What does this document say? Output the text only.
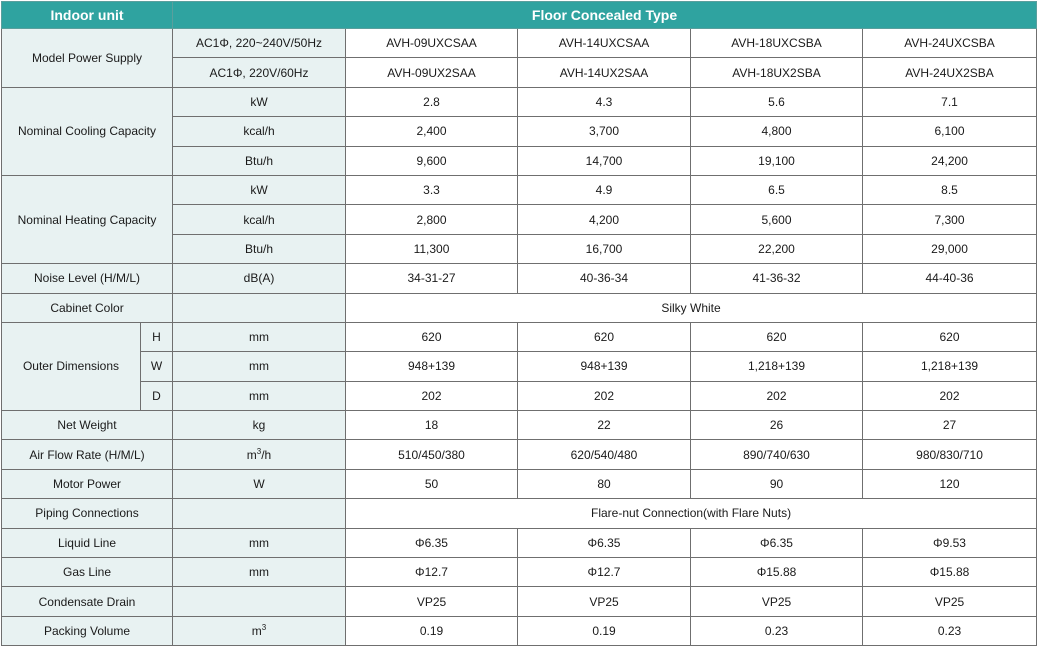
Indoor unit		Floor Concealed Type				
Model Power Supply		AC1Φ, 220~240V/50Hz	AVH-09UXCSAA	AVH-14UXCSAA	AVH-18UXCSBA	AVH-24UXCSBA
		AC1Φ, 220V/60Hz	AVH-09UX2SAA	AVH-14UX2SAA	AVH-18UX2SBA	AVH-24UX2SBA
Nominal Cooling Capacity		kW	2.8	4.3	5.6	7.1
		kcal/h	2,400	3,700	4,800	6,100
		Btu/h	9,600	14,700	19,100	24,200
Nominal Heating Capacity		kW	3.3	4.9	6.5	8.5
		kcal/h	2,800	4,200	5,600	7,300
		Btu/h	11,300	16,700	22,200	29,000
Noise Level (H/M/L)		dB(A)	34-31-27	40-36-34	41-36-32	44-40-36
Cabinet Color			Silky White			
Outer Dimensions	H	mm	620	620	620	620
	W	mm	948+139	948+139	1,218+139	1,218+139
	D	mm	202	202	202	202
Net Weight		kg	18	22	26	27
Air Flow Rate (H/M/L)		$m^3/h$	510/450/380	620/540/480	890/740/630	980/830/710
Motor Power		W	50	80	90	120
Piping Connections			Flare-nut Connection(with Flare Nuts)			
Liquid Line		mm	Φ6.35	Φ6.35	Φ6.35	Φ9.53
Gas Line		mm	Φ12.7	Φ12.7	Φ15.88	Φ15.88
Condensate Drain			VP25	VP25	VP25	VP25
Packing Volume		$m^3$	0.19	0.19	0.23	0.23
